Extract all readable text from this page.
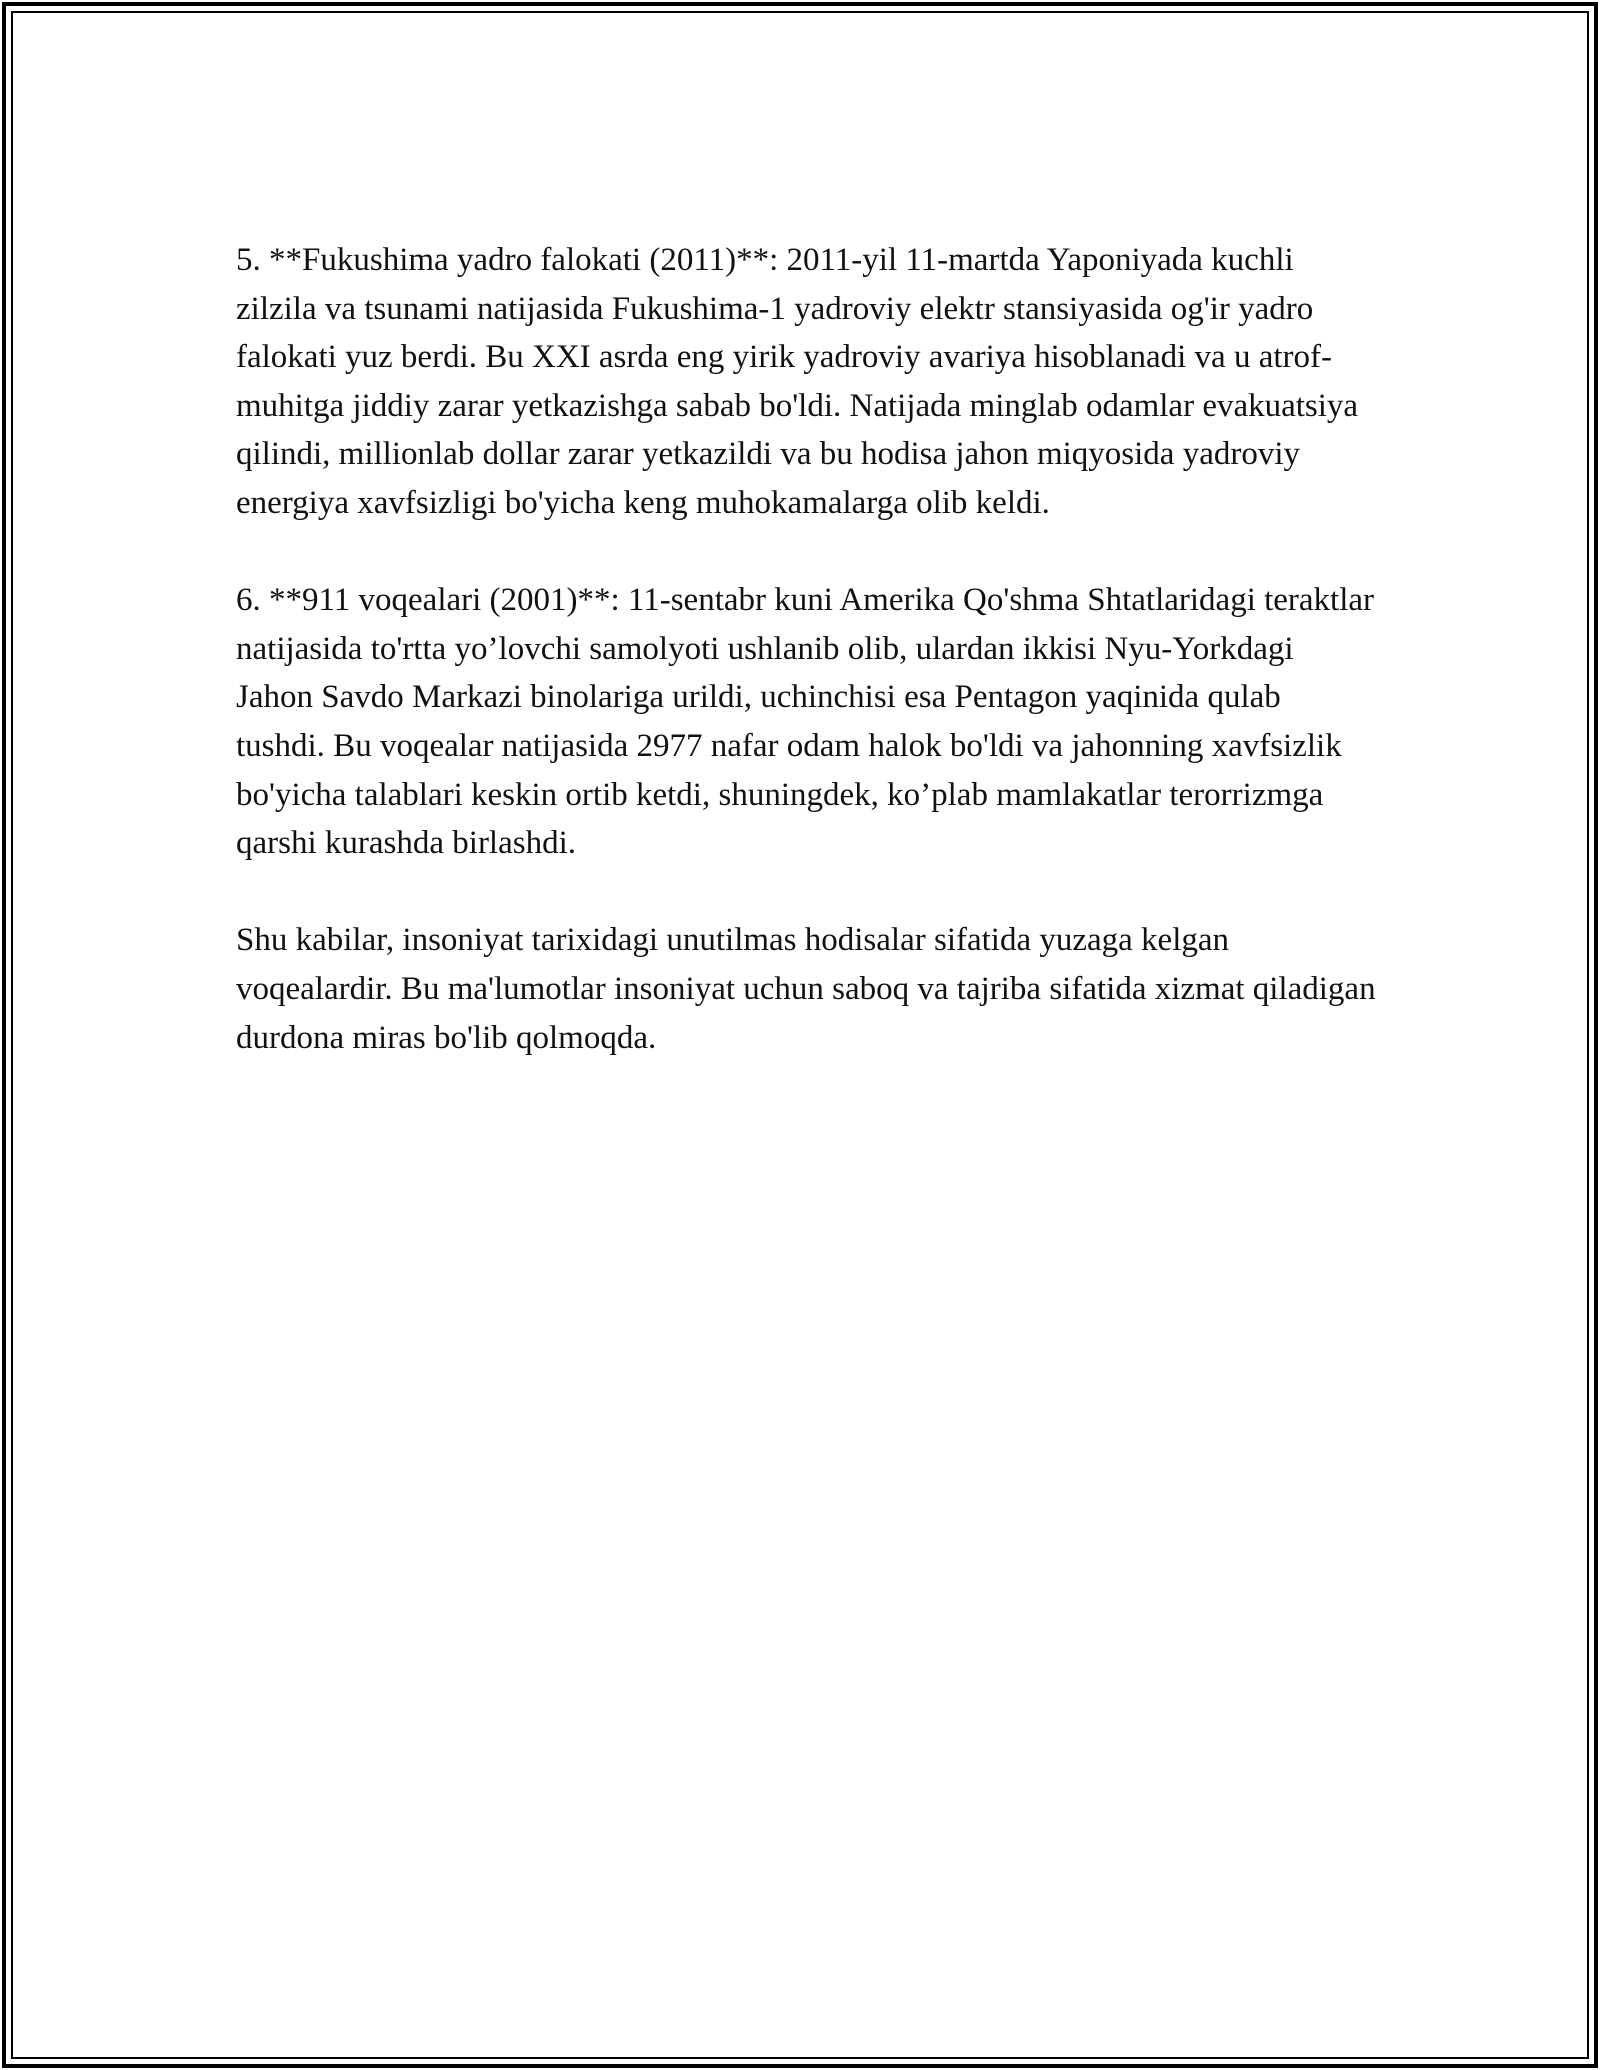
5. **Fukushima yadro falokati (2011)**: 2011-yil 11-martda Yaponiyada kuchli zilzila va tsunami natijasida Fukushima-1 yadroviy elektr stansiyasida og'ir yadro falokati yuz berdi. Bu XXI asrda eng yirik yadroviy avariya hisoblanadi va u atrof-muhitga jiddiy zarar yetkazishga sabab bo'ldi. Natijada minglab odamlar evakuatsiya qilindi, millionlab dollar zarar yetkazildi va bu hodisa jahon miqyosida yadroviy energiya xavfsizligi bo'yicha keng muhokamalarga olib keldi.

6. **911 voqealari (2001)**: 11-sentabr kuni Amerika Qo'shma Shtatlaridagi teraktlar natijasida to'rtta yo’lovchi samolyoti ushlanib olib, ulardan ikkisi Nyu-Yorkdagi Jahon Savdo Markazi binolariga urildi, uchinchisi esa Pentagon yaqinida qulab tushdi. Bu voqealar natijasida 2977 nafar odam halok bo'ldi va jahonning xavfsizlik bo'yicha talablari keskin ortib ketdi, shuningdek, ko’plab mamlakatlar terorrizmga qarshi kurashda birlashdi.

Shu kabilar, insoniyat tarixidagi unutilmas hodisalar sifatida yuzaga kelgan voqealardir. Bu ma'lumotlar insoniyat uchun saboq va tajriba sifatida xizmat qiladigan durdona miras bo'lib qolmoqda.
